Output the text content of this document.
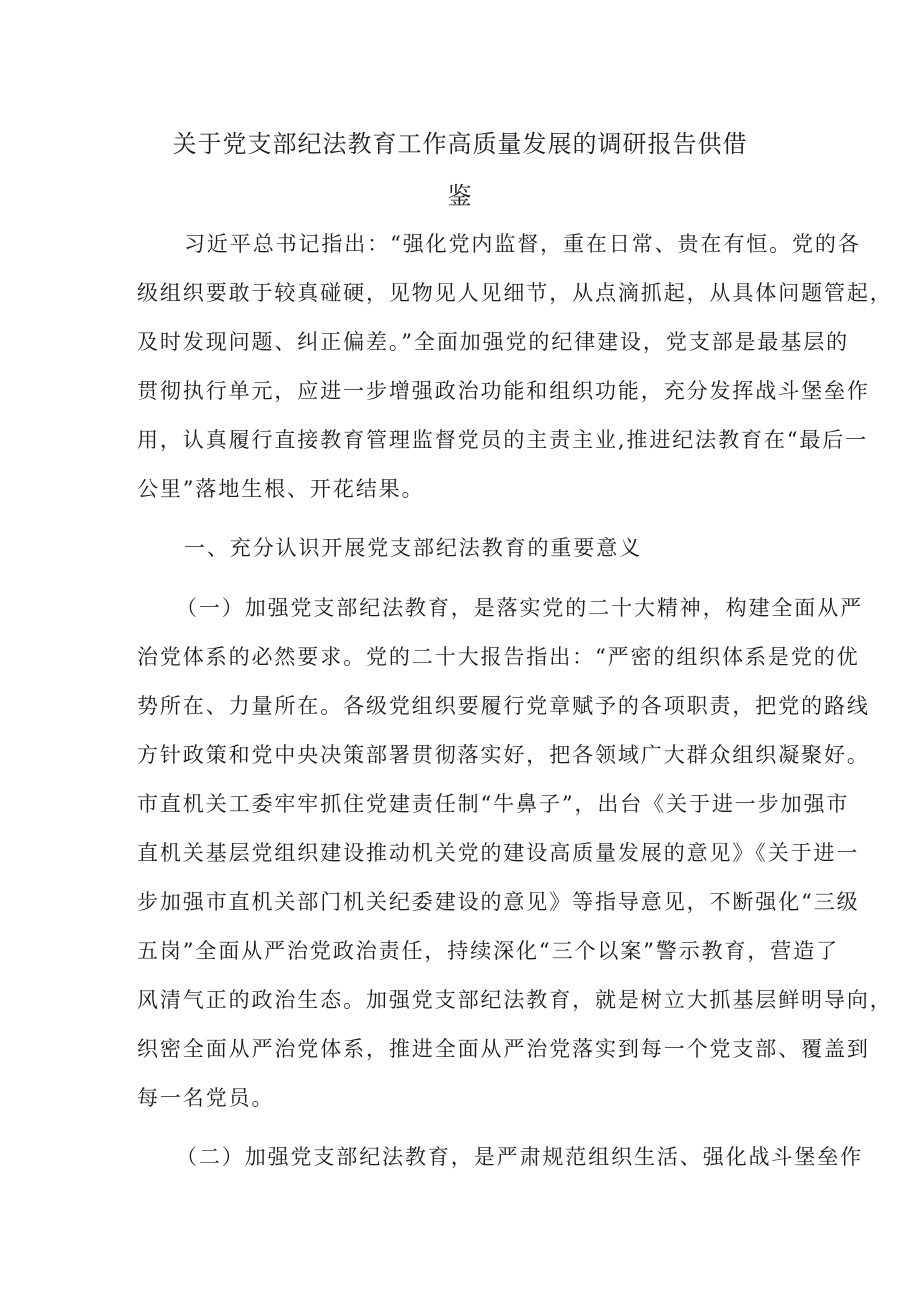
关于党支部纪法教育工作高质量发展的调研报告供借
鉴
习近平总书记指出：“强化党内监督，重在日常、贵在有恒。党的各
级组织要敢于较真碰硬，见物见人见细节，从点滴抓起，从具体问题管起，
及时发现问题、纠正偏差。”全面加强党的纪律建设，党支部是最基层的
贯彻执行单元，应进一步增强政治功能和组织功能，充分发挥战斗堡垒作
用，认真履行直接教育管理监督党员的主责主业,推进纪法教育在“最后一
公里”落地生根、开花结果。
一、充分认识开展党支部纪法教育的重要意义
（一）加强党支部纪法教育，是落实党的二十大精神，构建全面从严
治党体系的必然要求。党的二十大报告指出：“严密的组织体系是党的优
势所在、力量所在。各级党组织要履行党章赋予的各项职责，把党的路线
方针政策和党中央决策部署贯彻落实好，把各领域广大群众组织凝聚好。
市直机关工委牢牢抓住党建责任制“牛鼻子”，出台《关于进一步加强市
直机关基层党组织建设推动机关党的建设高质量发展的意见》《关于进一
步加强市直机关部门机关纪委建设的意见》等指导意见，不断强化“三级
五岗”全面从严治党政治责任，持续深化“三个以案”警示教育，营造了
风清气正的政治生态。加强党支部纪法教育，就是树立大抓基层鲜明导向，
织密全面从严治党体系，推进全面从严治党落实到每一个党支部、覆盖到
每一名党员。
（二）加强党支部纪法教育，是严肃规范组织生活、强化战斗堡垒作
